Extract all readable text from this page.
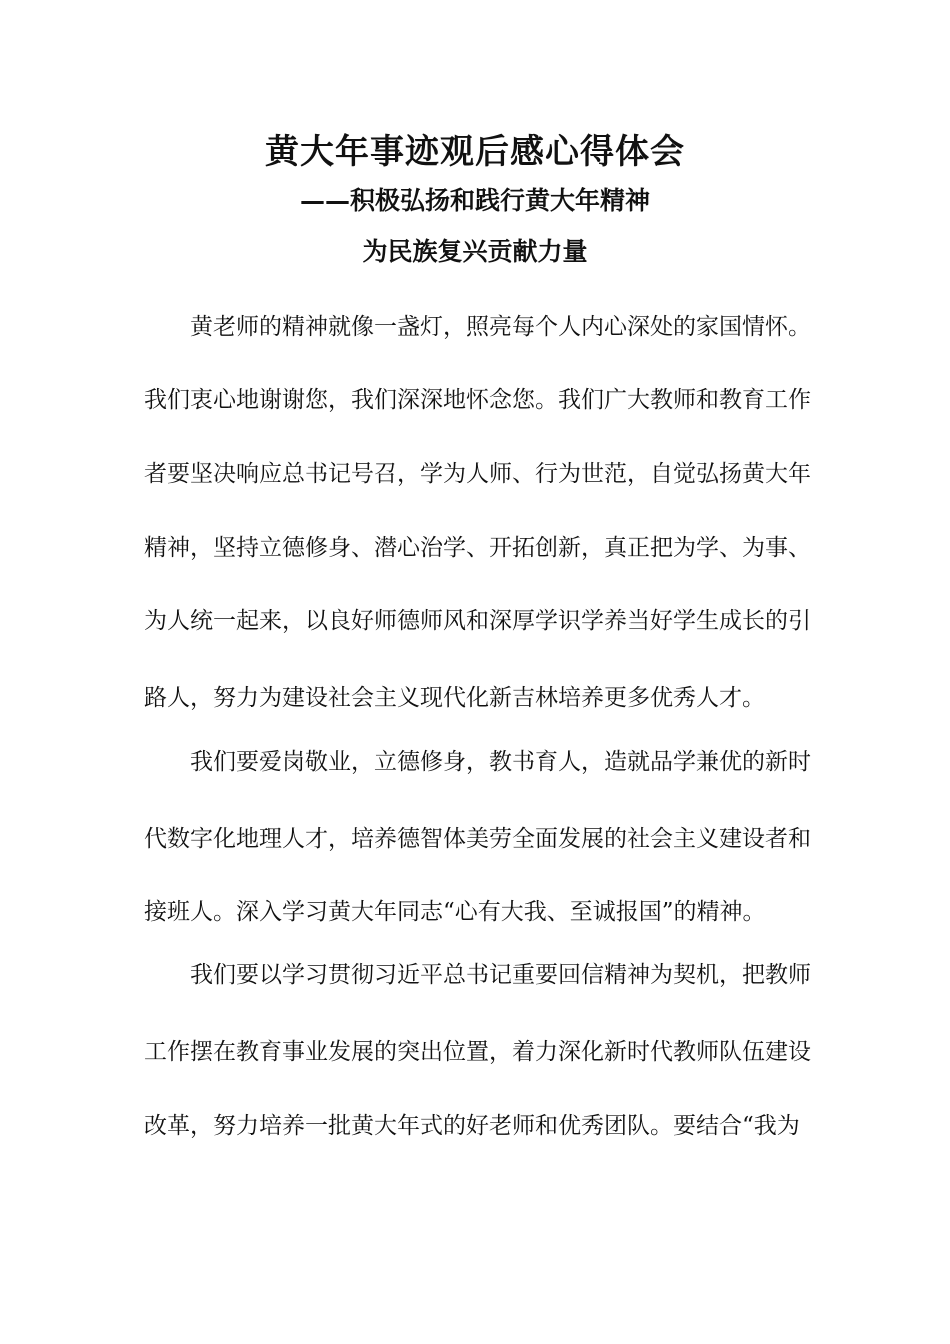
黄大年事迹观后感心得体会
——积极弘扬和践行黄大年精神
为民族复兴贡献力量

黄老师的精神就像一盏灯，照亮每个人内心深处的家国情怀。

我们衷心地谢谢您，我们深深地怀念您。我们广大教师和教育工作

者要坚决响应总书记号召，学为人师、行为世范，自觉弘扬黄大年

精神，坚持立德修身、潜心治学、开拓创新，真正把为学、为事、

为人统一起来，以良好师德师风和深厚学识学养当好学生成长的引

路人，努力为建设社会主义现代化新吉林培养更多优秀人才。

我们要爱岗敬业，立德修身，教书育人，造就品学兼优的新时

代数字化地理人才，培养德智体美劳全面发展的社会主义建设者和

接班人。深入学习黄大年同志“心有大我、至诚报国”的精神。

我们要以学习贯彻习近平总书记重要回信精神为契机，把教师

工作摆在教育事业发展的突出位置，着力深化新时代教师队伍建设

改革，努力培养一批黄大年式的好老师和优秀团队。要结合“我为
